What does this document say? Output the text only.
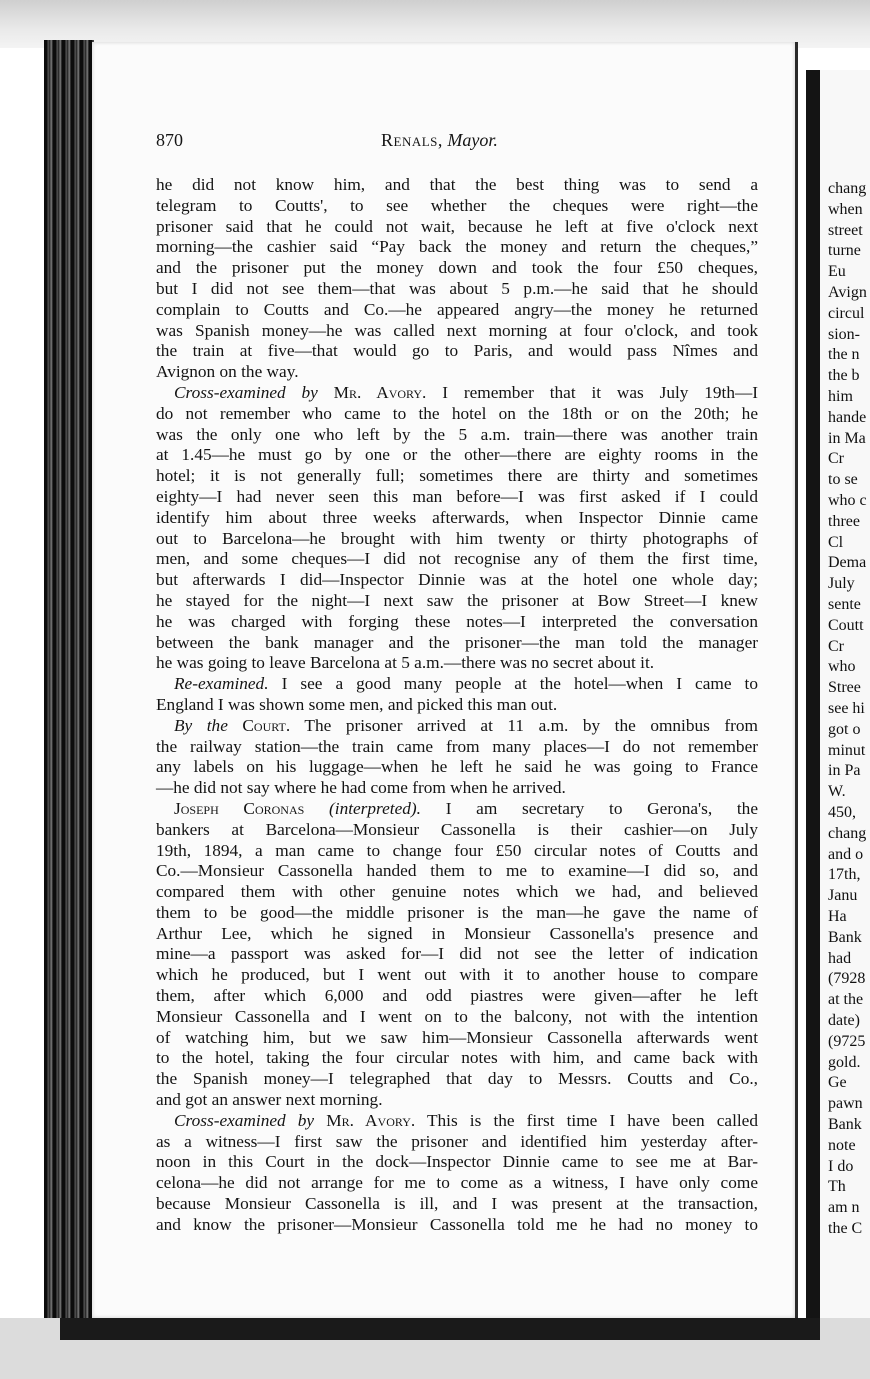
chang
when
street
turne
Eu
Avign
circul
sion-
the n
the b
him
hande
in Ma
Cr
to se
who c
three
Cl
Dema
July
sente
Coutt
Cr
who
Stree
see hi
got o
minut
in Pa
W.
450,
chang
and o
17th,
Janu
Ha
Bank
had
(7928
at the
date)
(9725
gold.
Ge
pawn
Bank
note
I do
Th
am n
the C
870	Renals, Mayor.

he did not know him, and that the best thing was to send a

telegram to Coutts', to see whether the cheques were right—the

prisoner said that he could not wait, because he left at five o'clock next

morning—the cashier said “Pay back the money and return the cheques,”

and the prisoner put the money down and took the four £50 cheques,

but I did not see them—that was about 5 p.m.—he said that he should

complain to Coutts and Co.—he appeared angry—the money he returned

was Spanish money—he was called next morning at four o'clock, and took

the train at five—that would go to Paris, and would pass Nîmes and

Avignon on the way.

Cross-examined by Mr. Avory. I remember that it was July 19th—I

do not remember who came to the hotel on the 18th or on the 20th; he

was the only one who left by the 5 a.m. train—there was another train

at 1.45—he must go by one or the other—there are eighty rooms in the

hotel; it is not generally full; sometimes there are thirty and sometimes

eighty—I had never seen this man before—I was first asked if I could

identify him about three weeks afterwards, when Inspector Dinnie came

out to Barcelona—he brought with him twenty or thirty photographs of

men, and some cheques—I did not recognise any of them the first time,

but afterwards I did—Inspector Dinnie was at the hotel one whole day;

he stayed for the night—I next saw the prisoner at Bow Street—I knew

he was charged with forging these notes—I interpreted the conversation

between the bank manager and the prisoner—the man told the manager

he was going to leave Barcelona at 5 a.m.—there was no secret about it.

Re-examined. I see a good many people at the hotel—when I came to

England I was shown some men, and picked this man out.

By the Court. The prisoner arrived at 11 a.m. by the omnibus from

the railway station—the train came from many places—I do not remember

any labels on his luggage—when he left he said he was going to France

—he did not say where he had come from when he arrived.

Joseph Coronas (interpreted). I am secretary to Gerona's, the

bankers at Barcelona—Monsieur Cassonella is their cashier—on July

19th, 1894, a man came to change four £50 circular notes of Coutts and

Co.—Monsieur Cassonella handed them to me to examine—I did so, and

compared them with other genuine notes which we had, and believed

them to be good—the middle prisoner is the man—he gave the name of

Arthur Lee, which he signed in Monsieur Cassonella's presence and

mine—a passport was asked for—I did not see the letter of indication

which he produced, but I went out with it to another house to compare

them, after which 6,000 and odd piastres were given—after he left

Monsieur Cassonella and I went on to the balcony, not with the intention

of watching him, but we saw him—Monsieur Cassonella afterwards went

to the hotel, taking the four circular notes with him, and came back with

the Spanish money—I telegraphed that day to Messrs. Coutts and Co.,

and got an answer next morning.

Cross-examined by Mr. Avory. This is the first time I have been called

as a witness—I first saw the prisoner and identified him yesterday after-

noon in this Court in the dock—Inspector Dinnie came to see me at Bar-

celona—he did not arrange for me to come as a witness, I have only come

because Monsieur Cassonella is ill, and I was present at the transaction,

and know the prisoner—Monsieur Cassonella told me he had no money to
